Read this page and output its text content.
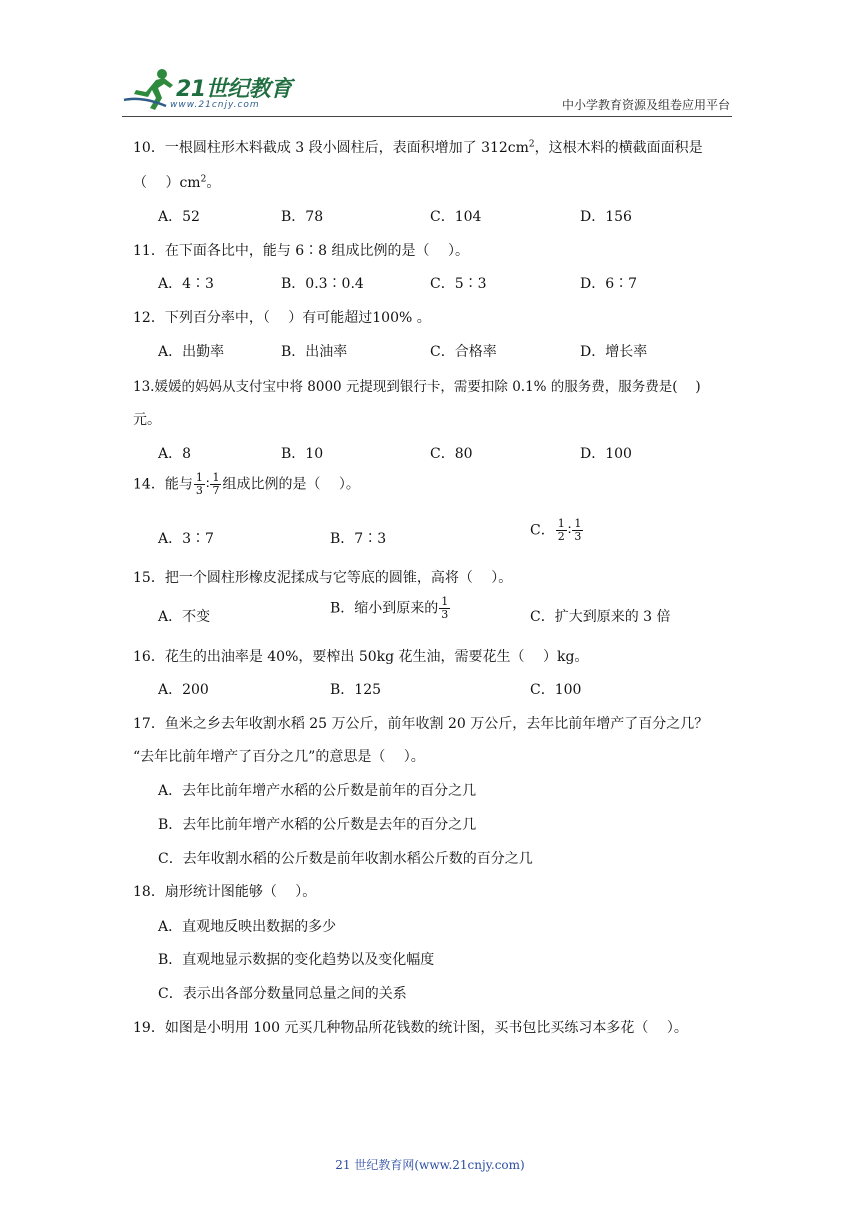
21世纪教育
www.21cnjy.com	中小学教育资源及组卷应用平台
10．一根圆柱形木料截成 3 段小圆柱后，表面积增加了 $312cm^2$，这根木料的横截面面积是
（　 ）$cm^2$。
A．52	B．78	C．104	D．156
11．在下面各比中，能与 6∶8 组成比例的是（　 ）。
A．4∶3	B．0.3∶0.4	C．5∶3	D．6∶7
12．下列百分率中，（　 ）有可能超过100% 。
A．出勤率	B．出油率	C．合格率	D．增长率
13.媛媛的妈妈从支付宝中将 8000 元提现到银行卡，需要扣除 0.1% 的服务费，服务费是(　 )
元。
A．8	B．10	C．80	D．100
14．能与 $\frac{1}{3}$ ∶ $\frac{1}{7}$ 组成比例的是（　 ）。
A．3∶7	B．7∶3
C． $\frac{1}{2}$ ∶ $\frac{1}{3}$
15．把一个圆柱形橡皮泥揉成与它等底的圆锥，高将（　 ）。
A．不变
B．缩小到原来的 $\frac{1}{3}$	C．扩大到原来的 3 倍
16．花生的出油率是 40%，要榨出 50kg 花生油，需要花生（　 ）kg。
A．200	B．125	C．100
17．鱼米之乡去年收割水稻 25 万公斤，前年收割 20 万公斤，去年比前年增产了百分之几？
“去年比前年增产了百分之几”的意思是（　 ）。
A．去年比前年增产水稻的公斤数是前年的百分之几
B．去年比前年增产水稻的公斤数是去年的百分之几
C．去年收割水稻的公斤数是前年收割水稻公斤数的百分之几
18．扇形统计图能够（　 ）。
A．直观地反映出数据的多少
B．直观地显示数据的变化趋势以及变化幅度
C．表示出各部分数量同总量之间的关系
19．如图是小明用 100 元买几种物品所花钱数的统计图，买书包比买练习本多花（　 ）。
21 世纪教育网(www.21cnjy.com)
